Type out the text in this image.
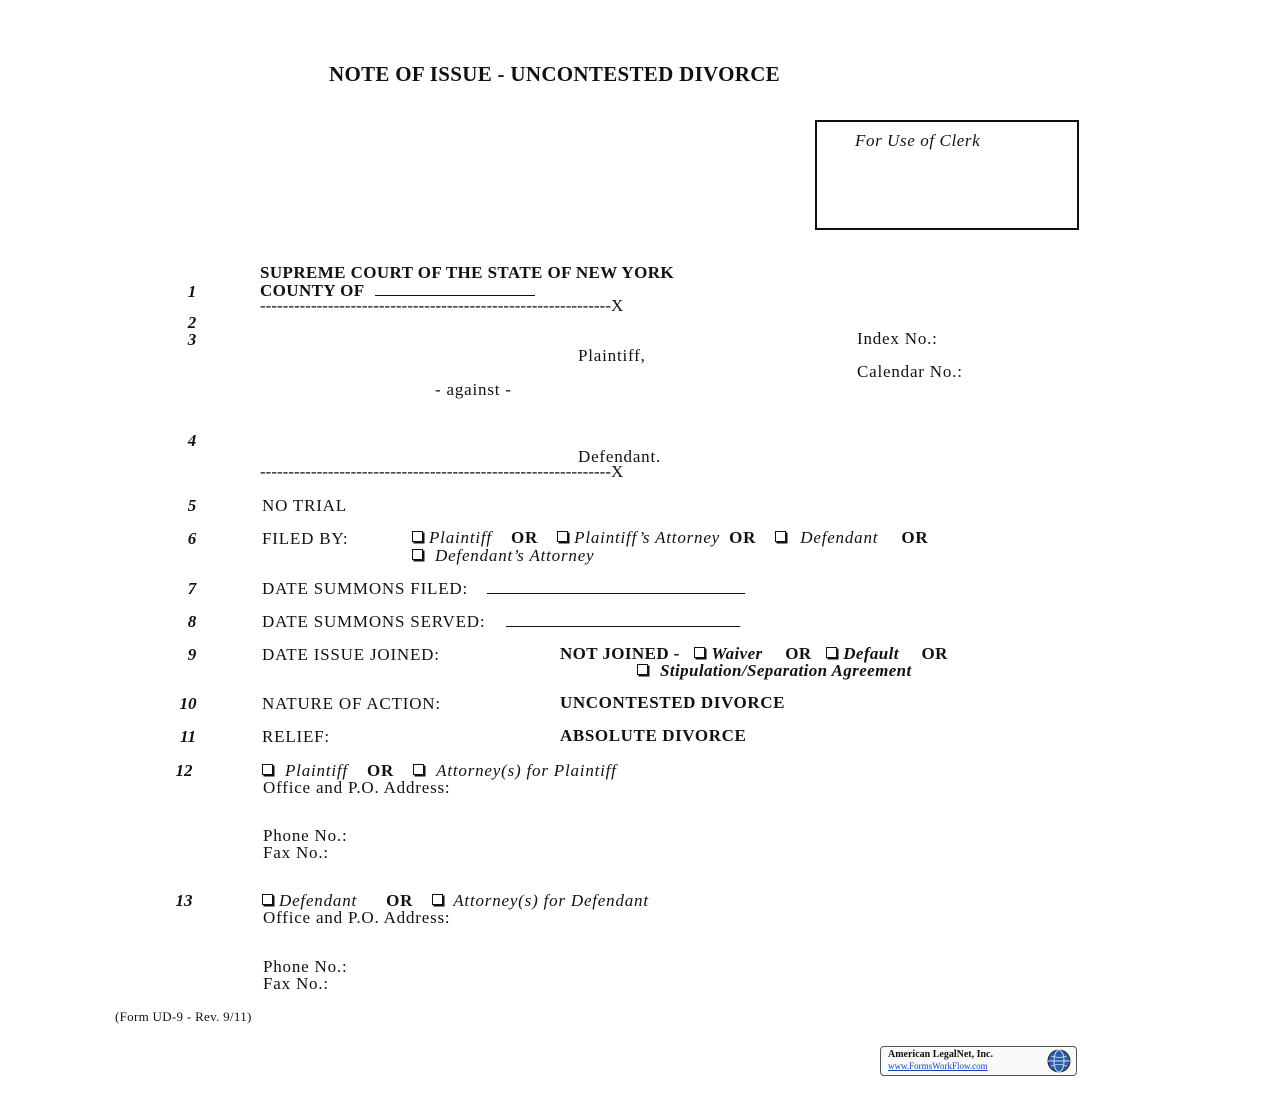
NOTE OF ISSUE - UNCONTESTED DIVORCE
For Use of Clerk
SUPREME COURT OF THE STATE OF NEW YORK
1	COUNTY OF
--------------------------------------------------------------X
2
3	Index No.:
Plaintiff,
Calendar No.:
- against -
4
Defendant.
--------------------------------------------------------------X
5	NO TRIAL
6	FILED BY:	Plaintiff OR Plaintiff’s Attorney OR	Defendant OR
Defendant’s Attorney
7	DATE SUMMONS FILED:
8	DATE SUMMONS SERVED:
9	DATE ISSUE JOINED:	NOT JOINED - Waiver OR Default OR
Stipulation/Separation Agreement
10	NATURE OF ACTION:	UNCONTESTED DIVORCE
11	RELIEF:	ABSOLUTE DIVORCE
12	Plaintiff OR Attorney(s) for Plaintiff
Office and P.O. Address:
Phone No.:
Fax No.:
13	Defendant OR Attorney(s) for Defendant
Office and P.O. Address:
Phone No.:
Fax No.:
(Form UD-9 - Rev. 9/11)
American LegalNet, Inc.
www.FormsWorkFlow.com
